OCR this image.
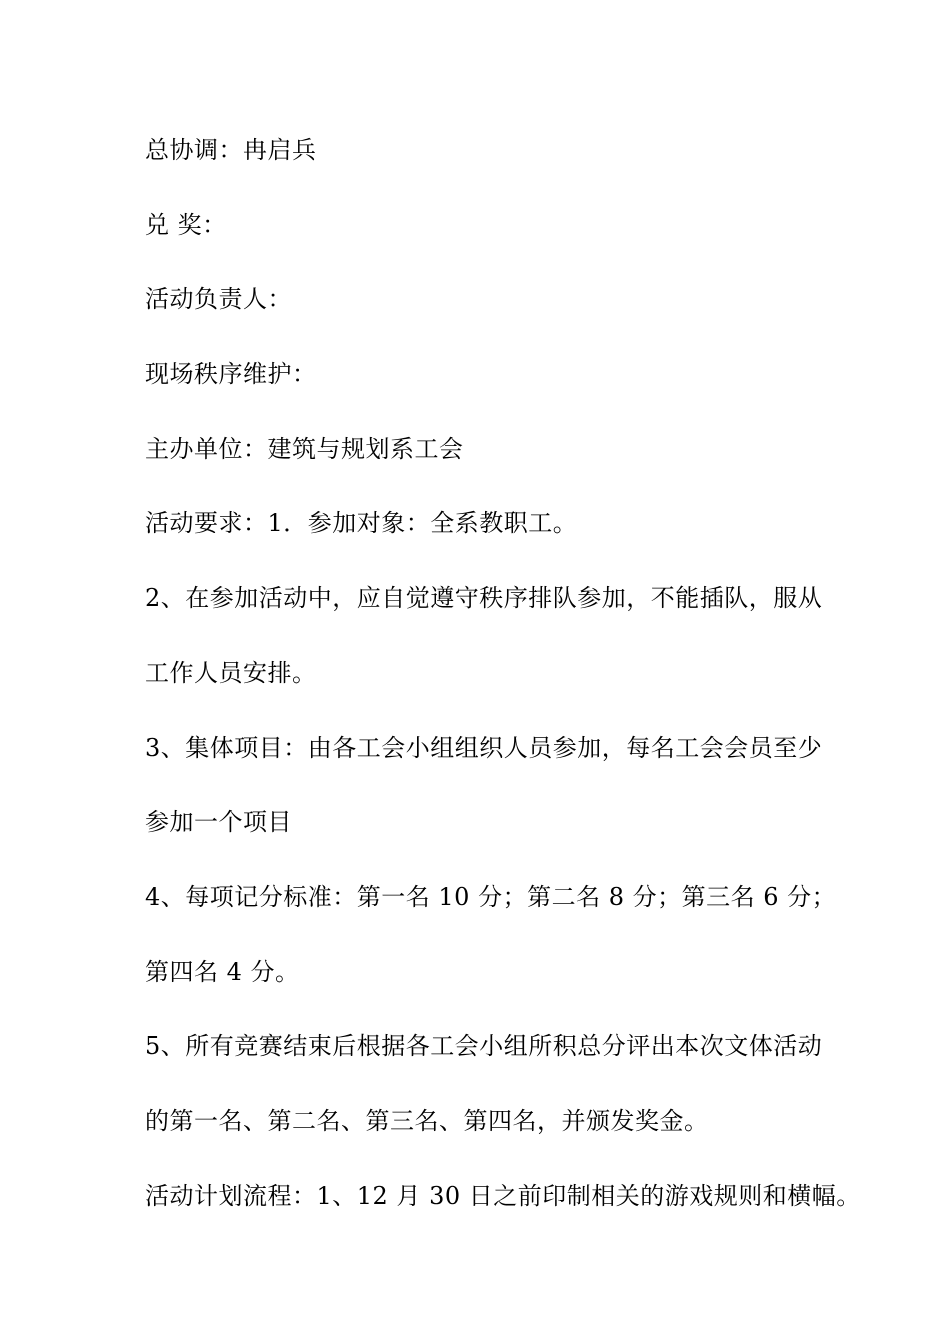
总协调：冉启兵
兑 奖：
活动负责人：
现场秩序维护：
主办单位：建筑与规划系工会
活动要求：1．参加对象：全系教职工。
2、在参加活动中，应自觉遵守秩序排队参加，不能插队，服从
工作人员安排。
3、集体项目：由各工会小组组织人员参加，每名工会会员至少
参加一个项目
4、每项记分标准：第一名 10 分；第二名 8 分；第三名 6 分；
第四名 4 分。
5、所有竞赛结束后根据各工会小组所积总分评出本次文体活动
的第一名、第二名、第三名、第四名，并颁发奖金。
活动计划流程：1、12 月 30 日之前印制相关的游戏规则和横幅。
